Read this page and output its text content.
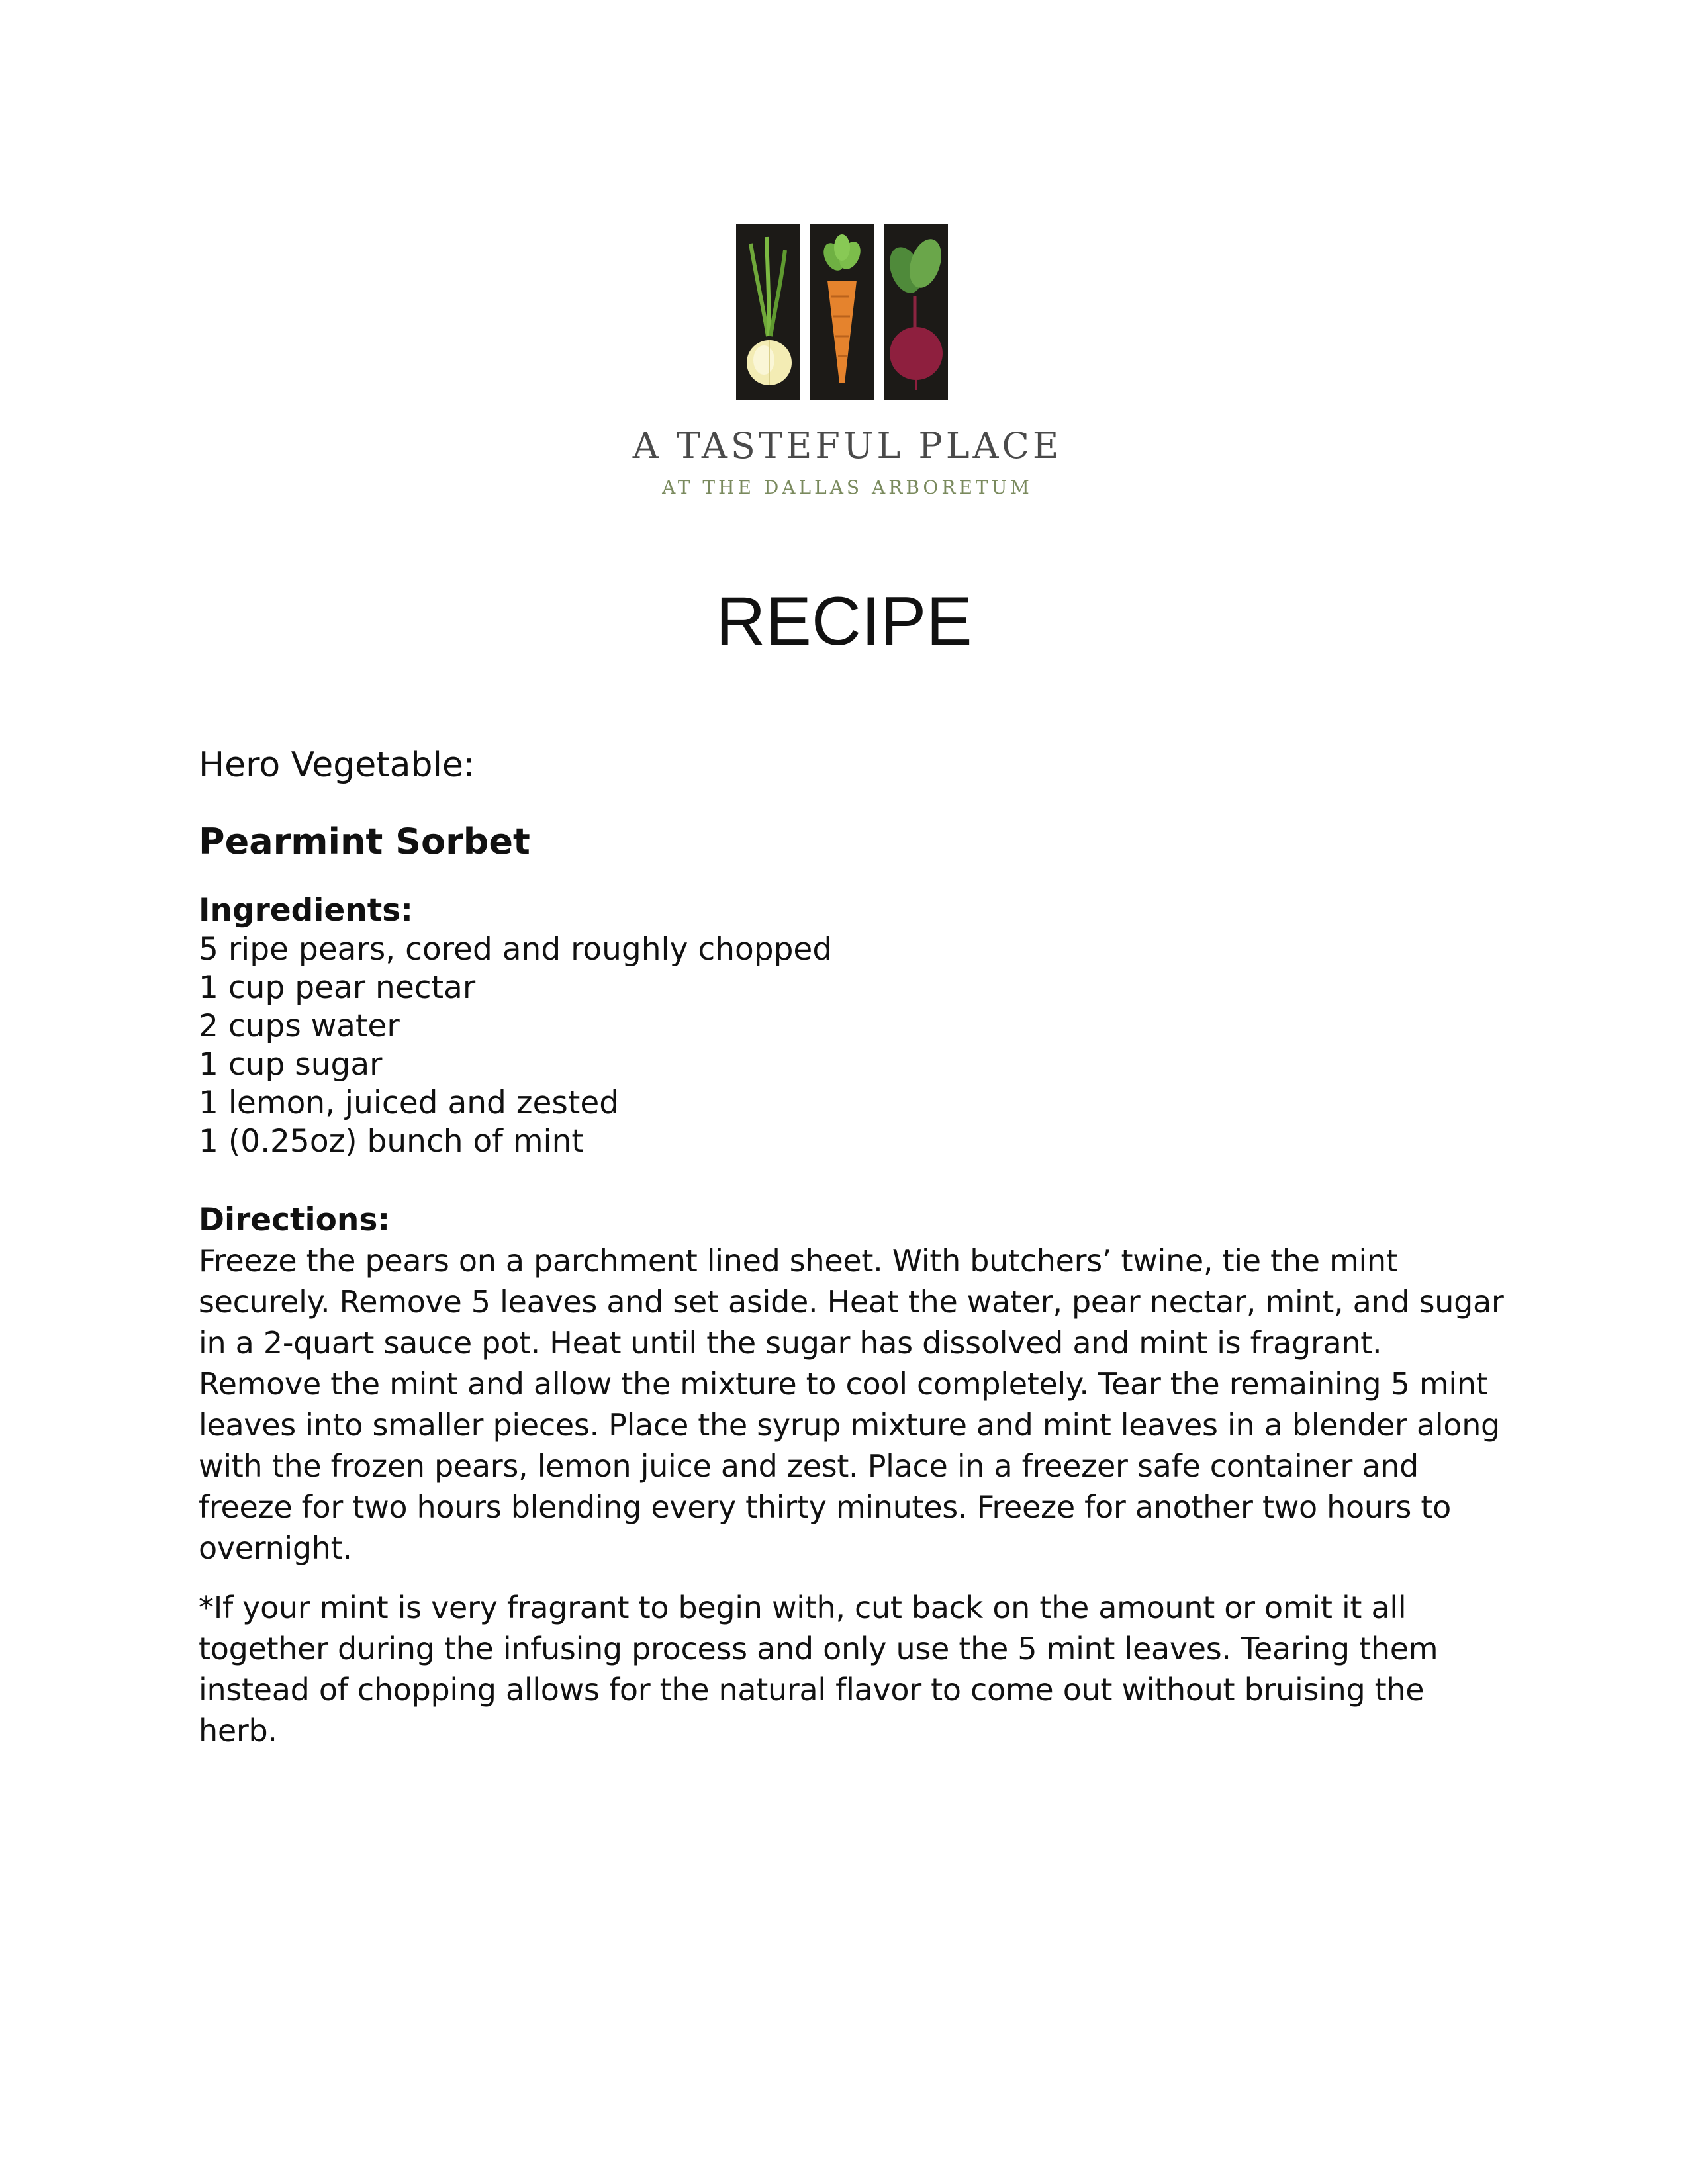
A TASTEFUL PLACE
AT THE DALLAS ARBORETUM
RECIPE
Hero Vegetable:
Pearmint Sorbet
Ingredients:
5 ripe pears, cored and roughly chopped
1 cup pear nectar
2 cups water
1 cup sugar
1 lemon, juiced and zested
1 (0.25oz) bunch of mint
Directions:

Freeze the pears on a parchment lined sheet. With butchers’ twine, tie the mint securely. Remove 5 leaves and set aside. Heat the water, pear nectar, mint, and sugar in a 2-quart sauce pot. Heat until the sugar has dissolved and mint is fragrant. Remove the mint and allow the mixture to cool completely. Tear the remaining 5 mint leaves into smaller pieces. Place the syrup mixture and mint leaves in a blender along with the frozen pears, lemon juice and zest. Place in a freezer safe container and freeze for two hours blending every thirty minutes. Freeze for another two hours to overnight.

*If your mint is very fragrant to begin with, cut back on the amount or omit it all together during the infusing process and only use the 5 mint leaves. Tearing them instead of chopping allows for the natural flavor to come out without bruising the herb.
